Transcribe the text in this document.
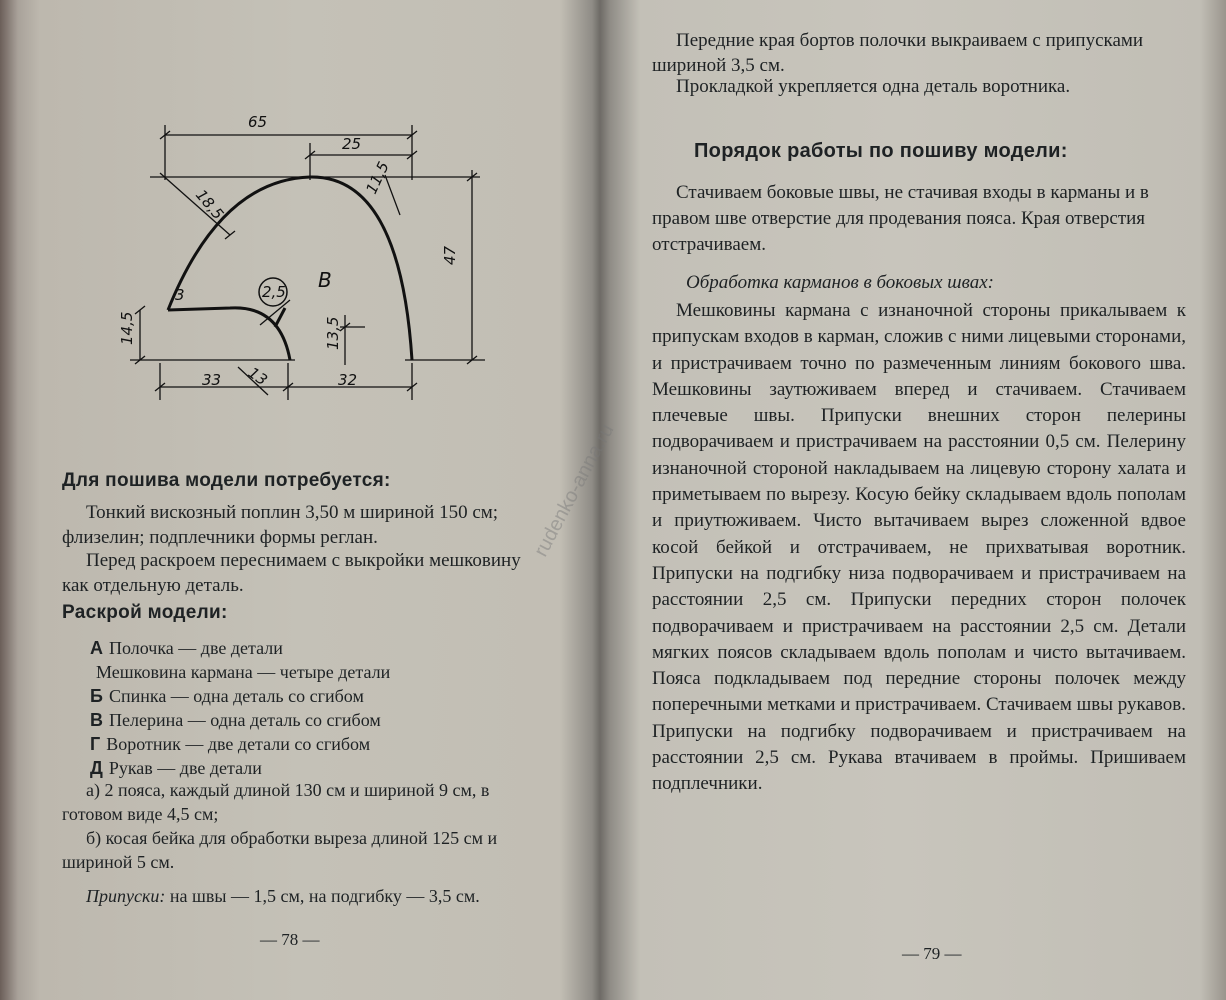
65
25
47
18,5
11,5
3
14,5
2,5
13,5
13
33	32
В
Для пошива модели потребуется:

Тонкий вискозный поплин 3,50 м шириной 150 см; флизелин; подплечники формы реглан.

Перед раскроем переснимаем с выкройки мешковину как отдельную деталь.

Раскрой модели:
А Полочка — две детали
Мешковина кармана — четыре детали
Б Спинка — одна деталь со сгибом
В Пелерина — одна деталь со сгибом
Г Воротник — две детали со сгибом
Д Рукав — две детали

а) 2 пояса, каждый длиной 130 см и шириной 9 см, в готовом виде 4,5 см;

б) косая бейка для обработки выреза длиной 125 см и шириной 5 см.

Припуски: на швы — 1,5 см, на подгибку — 3,5 см.

— 78 —

Передние края бортов полочки выкраиваем с припусками шириной 3,5 см.

Прокладкой укрепляется одна деталь воротника.

Порядок работы по пошиву модели:

Стачиваем боковые швы, не стачивая входы в карманы и в правом шве отверстие для продевания пояса. Края отверстия отстрачиваем.

Обработка карманов в боковых швах:

Мешковины кармана с изнаночной стороны прикалываем к припускам входов в карман, сложив с ними лицевыми сторонами, и пристрачиваем точно по размеченным линиям бокового шва. Мешковины заутюживаем вперед и стачиваем. Стачиваем плечевые швы. Припуски внешних сторон пелерины подворачиваем и пристрачиваем на расстоянии 0,5 см. Пелерину изнаночной стороной накладываем на лицевую сторону халата и приметываем по вырезу. Косую бейку складываем вдоль пополам и приутюживаем. Чисто вытачиваем вырез сложенной вдвое косой бейкой и отстрачиваем, не прихватывая воротник. Припуски на подгибку низа подворачиваем и пристрачиваем на расстоянии 2,5 см. Припуски передних сторон полочек подворачиваем и пристрачиваем на расстоянии 2,5 см. Детали мягких поясов складываем вдоль пополам и чисто вытачиваем. Пояса подкладываем под передние стороны полочек между поперечными метками и пристрачиваем. Стачиваем швы рукавов. Припуски на подгибку подворачиваем и пристрачиваем на расстоянии 2,5 см. Рукава втачиваем в проймы. Пришиваем подплечники.

— 79 —
rudenko-anna.ru
